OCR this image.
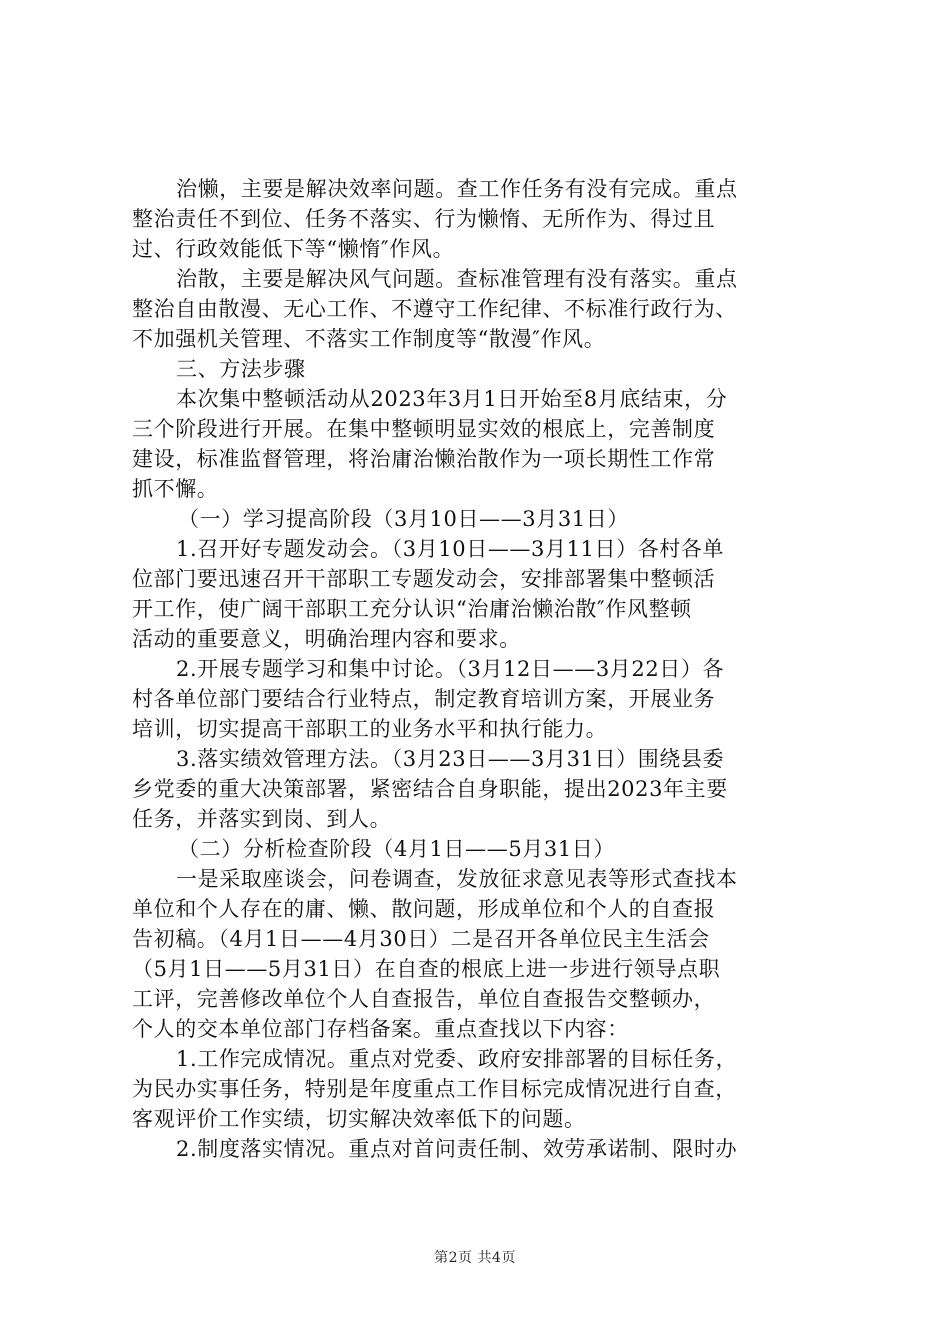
治懒，主要是解决效率问题。查工作任务有没有完成。重点
整治责任不到位、任务不落实、行为懒惰、无所作为、得过且
过、行政效能低下等“懒惰″作风。
治散，主要是解决风气问题。查标准管理有没有落实。重点
整治自由散漫、无心工作、不遵守工作纪律、不标准行政行为、
不加强机关管理、不落实工作制度等“散漫″作风。
三、方法步骤
本次集中整顿活动从2023年3月1日开始至8月底结束，分
三个阶段进行开展。在集中整顿明显实效的根底上，完善制度
建设，标准监督管理，将治庸治懒治散作为一项长期性工作常
抓不懈。
（一）学习提高阶段（3月10日——3月31日）
1.召开好专题发动会。（3月10日——3月11日）各村各单
位部门要迅速召开干部职工专题发动会，安排部署集中整顿活
开工作，使广阔干部职工充分认识“治庸治懒治散″作风整顿
活动的重要意义，明确治理内容和要求。
2.开展专题学习和集中讨论。（3月12日——3月22日）各
村各单位部门要结合行业特点，制定教育培训方案，开展业务
培训，切实提高干部职工的业务水平和执行能力。
3.落实绩效管理方法。（3月23日——3月31日）围绕县委
乡党委的重大决策部署，紧密结合自身职能，提出2023年主要
任务，并落实到岗、到人。
（二）分析检查阶段（4月1日——5月31日）
一是采取座谈会，问卷调查，发放征求意见表等形式查找本
单位和个人存在的庸、懒、散问题，形成单位和个人的自查报
告初稿。（4月1日——4月30日）二是召开各单位民主生活会
（5月1日——5月31日）在自查的根底上进一步进行领导点职
工评，完善修改单位个人自查报告，单位自查报告交整顿办，
个人的交本单位部门存档备案。重点查找以下内容：
1.工作完成情况。重点对党委、政府安排部署的目标任务，
为民办实事任务，特别是年度重点工作目标完成情况进行自查，
客观评价工作实绩，切实解决效率低下的问题。
2.制度落实情况。重点对首问责任制、效劳承诺制、限时办
第2页 共4页
